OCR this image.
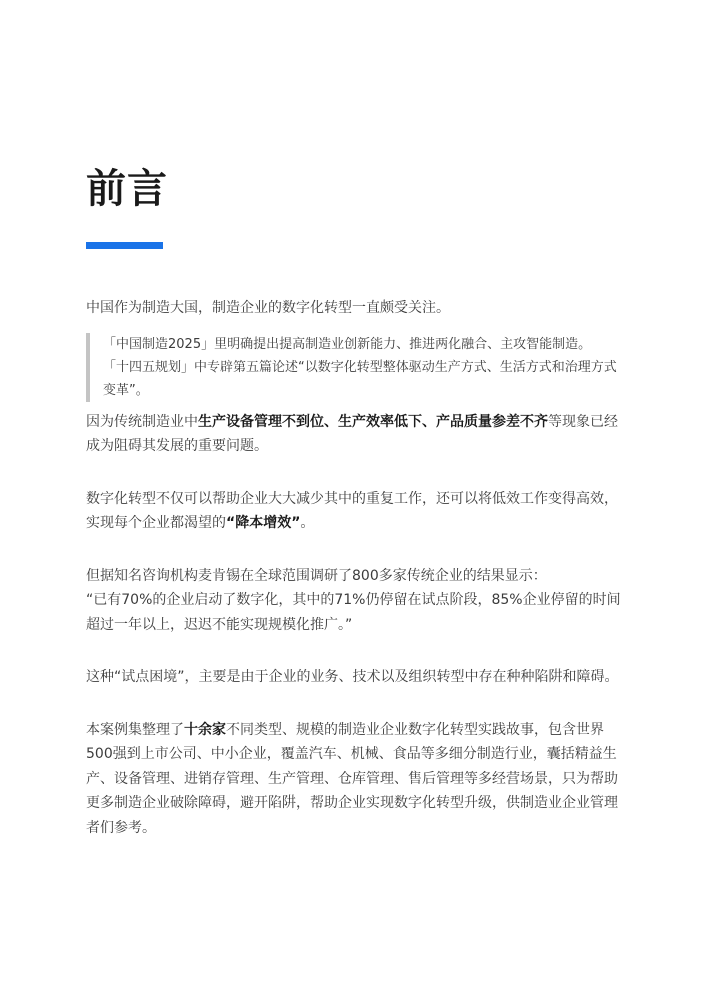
前言

中国作为制造大国，制造企业的数字化转型一直颇受关注。

「中国制造2025」里明确提出提高制造业创新能力、推进两化融合、主攻智能制造。
「十四五规划」中专辟第五篇论述“以数字化转型整体驱动生产方式、生活方式和治理方式变革”。

因为传统制造业中生产设备管理不到位、生产效率低下、产品质量参差不齐等现象已经成为阻碍其发展的重要问题。

数字化转型不仅可以帮助企业大大减少其中的重复工作，还可以将低效工作变得高效，实现每个企业都渴望的“降本增效”。

但据知名咨询机构麦肯锡在全球范围调研了800多家传统企业的结果显示：
“已有70%的企业启动了数字化，其中的71%仍停留在试点阶段，85%企业停留的时间超过一年以上，迟迟不能实现规模化推广。”

这种“试点困境”，主要是由于企业的业务、技术以及组织转型中存在种种陷阱和障碍。

本案例集整理了十余家不同类型、规模的制造业企业数字化转型实践故事，包含世界500强到上市公司、中小企业，覆盖汽车、机械、食品等多细分制造行业，囊括精益生产、设备管理、进销存管理、生产管理、仓库管理、售后管理等多经营场景，只为帮助更多制造企业破除障碍，避开陷阱，帮助企业实现数字化转型升级，供制造业企业管理者们参考。
